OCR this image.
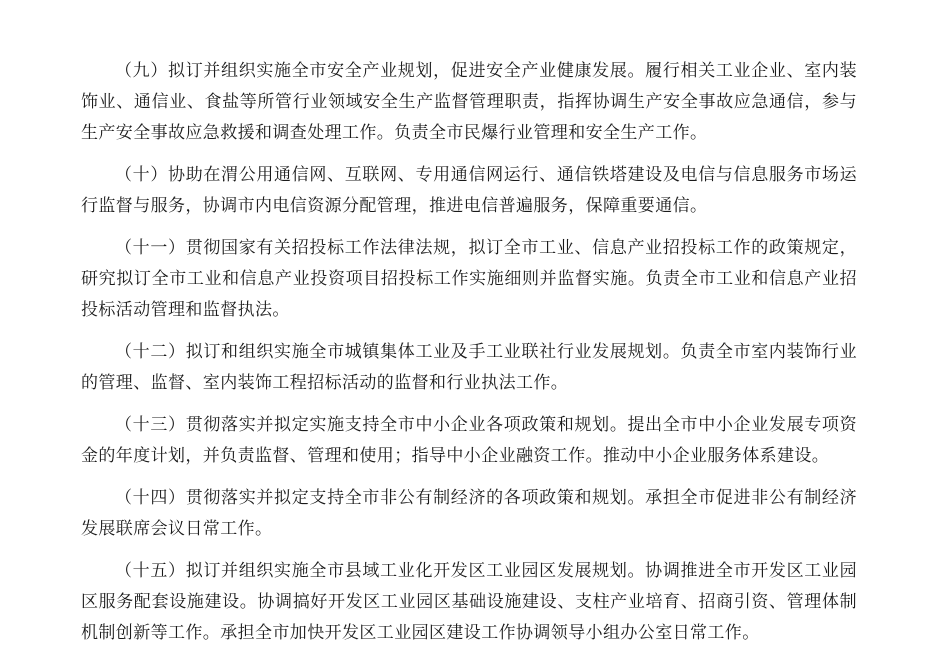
（九）拟订并组织实施全市安全产业规划，促进安全产业健康发展。履行相关工业企业、室内装饰业、通信业、食盐等所管行业领域安全生产监督管理职责，指挥协调生产安全事故应急通信，参与生产安全事故应急救援和调查处理工作。负责全市民爆行业管理和安全生产工作。

（十）协助在渭公用通信网、互联网、专用通信网运行、通信铁塔建设及电信与信息服务市场运行监督与服务，协调市内电信资源分配管理，推进电信普遍服务，保障重要通信。

（十一）贯彻国家有关招投标工作法律法规，拟订全市工业、信息产业招投标工作的政策规定，研究拟订全市工业和信息产业投资项目招投标工作实施细则并监督实施。负责全市工业和信息产业招投标活动管理和监督执法。

（十二）拟订和组织实施全市城镇集体工业及手工业联社行业发展规划。负责全市室内装饰行业的管理、监督、室内装饰工程招标活动的监督和行业执法工作。

（十三）贯彻落实并拟定实施支持全市中小企业各项政策和规划。提出全市中小企业发展专项资金的年度计划，并负责监督、管理和使用；指导中小企业融资工作。推动中小企业服务体系建设。

（十四）贯彻落实并拟定支持全市非公有制经济的各项政策和规划。承担全市促进非公有制经济发展联席会议日常工作。

（十五）拟订并组织实施全市县域工业化开发区工业园区发展规划。协调推进全市开发区工业园区服务配套设施建设。协调搞好开发区工业园区基础设施建设、支柱产业培育、招商引资、管理体制机制创新等工作。承担全市加快开发区工业园区建设工作协调领导小组办公室日常工作。
